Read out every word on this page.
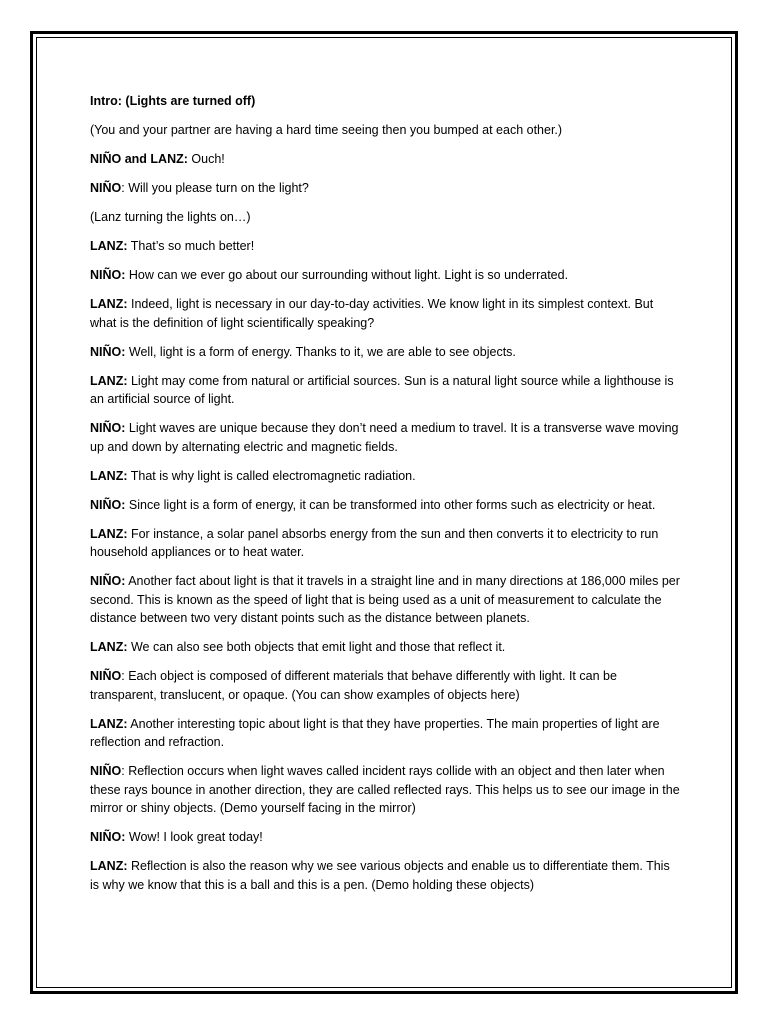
Intro: (Lights are turned off)

(You and your partner are having a hard time seeing then you bumped at each other.)

NIÑO and LANZ: Ouch!

NIÑO: Will you please turn on the light?

(Lanz turning the lights on…)

LANZ: That’s so much better!

NIÑO: How can we ever go about our surrounding without light. Light is so underrated.

LANZ: Indeed, light is necessary in our day-to-day activities. We know light in its simplest context. But what is the definition of light scientifically speaking?

NIÑO: Well, light is a form of energy. Thanks to it, we are able to see objects.

LANZ: Light may come from natural or artificial sources. Sun is a natural light source while a lighthouse is an artificial source of light.

NIÑO: Light waves are unique because they don’t need a medium to travel. It is a transverse wave moving up and down by alternating electric and magnetic fields.

LANZ: That is why light is called electromagnetic radiation.

NIÑO: Since light is a form of energy, it can be transformed into other forms such as electricity or heat.

LANZ: For instance, a solar panel absorbs energy from the sun and then converts it to electricity to run household appliances or to heat water.

NIÑO: Another fact about light is that it travels in a straight line and in many directions at 186,000 miles per second. This is known as the speed of light that is being used as a unit of measurement to calculate the distance between two very distant points such as the distance between planets.

LANZ: We can also see both objects that emit light and those that reflect it.

NIÑO: Each object is composed of different materials that behave differently with light. It can be transparent, translucent, or opaque. (You can show examples of objects here)

LANZ: Another interesting topic about light is that they have properties. The main properties of light are reflection and refraction.

NIÑO: Reflection occurs when light waves called incident rays collide with an object and then later when these rays bounce in another direction, they are called reflected rays. This helps us to see our image in the mirror or shiny objects. (Demo yourself facing in the mirror)

NIÑO: Wow! I look great today!

LANZ: Reflection is also the reason why we see various objects and enable us to differentiate them. This is why we know that this is a ball and this is a pen. (Demo holding these objects)
